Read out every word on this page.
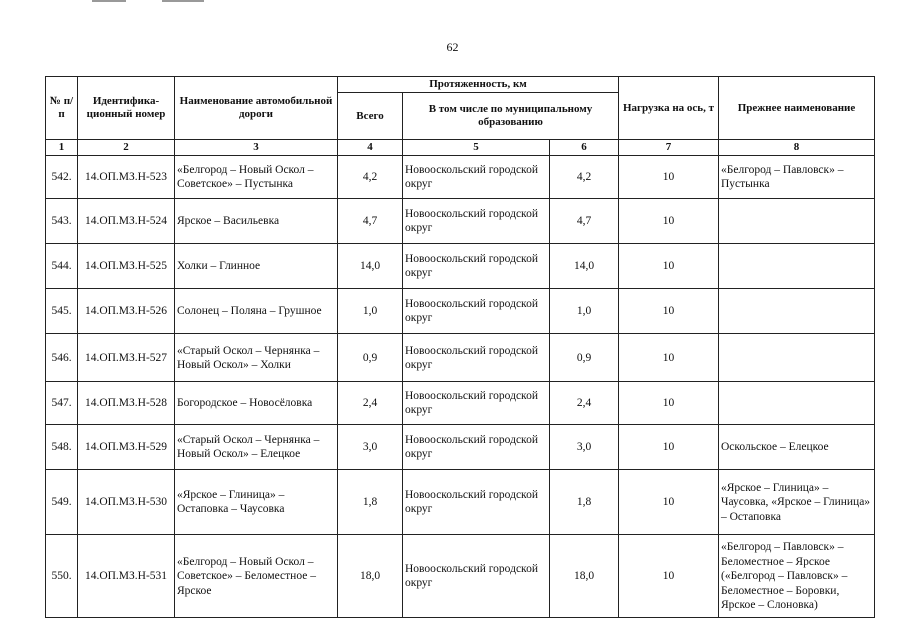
62
№ п/п	Идентифика-ционный номер	Наименование автомобильной дороги	Протяженность, км			Нагрузка на ось, т	Прежнее наименование
			Всего	В том числе по муниципальному образованию			
1	2	3	4	5	6	7	8
542.	14.ОП.МЗ.Н-523	«Белгород – Новый Оскол – Советское» – Пустынка	4,2	Новооскольский городской округ	4,2	10	«Белгород – Павловск» – Пустынка
543.	14.ОП.МЗ.Н-524	Ярское – Васильевка	4,7	Новооскольский городской округ	4,7	10	
544.	14.ОП.МЗ.Н-525	Холки – Глинное	14,0	Новооскольский городской округ	14,0	10	
545.	14.ОП.МЗ.Н-526	Солонец – Поляна – Грушное	1,0	Новооскольский городской округ	1,0	10	
546.	14.ОП.МЗ.Н-527	«Старый Оскол – Чернянка – Новый Оскол» – Холки	0,9	Новооскольский городской округ	0,9	10	
547.	14.ОП.МЗ.Н-528	Богородское – Новосёловка	2,4	Новооскольский городской округ	2,4	10	
548.	14.ОП.МЗ.Н-529	«Старый Оскол – Чернянка – Новый Оскол» – Елецкое	3,0	Новооскольский городской округ	3,0	10	Оскольское – Елецкое
549.	14.ОП.МЗ.Н-530	«Ярское – Глиница» – Остаповка – Чаусовка	1,8	Новооскольский городской округ	1,8	10	«Ярское – Глиница» – Чаусовка, «Ярское – Глиница» – Остаповка
550.	14.ОП.МЗ.Н-531	«Белгород – Новый Оскол – Советское» – Беломестное – Ярское	18,0	Новооскольский городской округ	18,0	10	«Белгород – Павловск» – Беломестное – Ярское («Белгород – Павловск» – Беломестное – Боровки, Ярское – Слоновка)
